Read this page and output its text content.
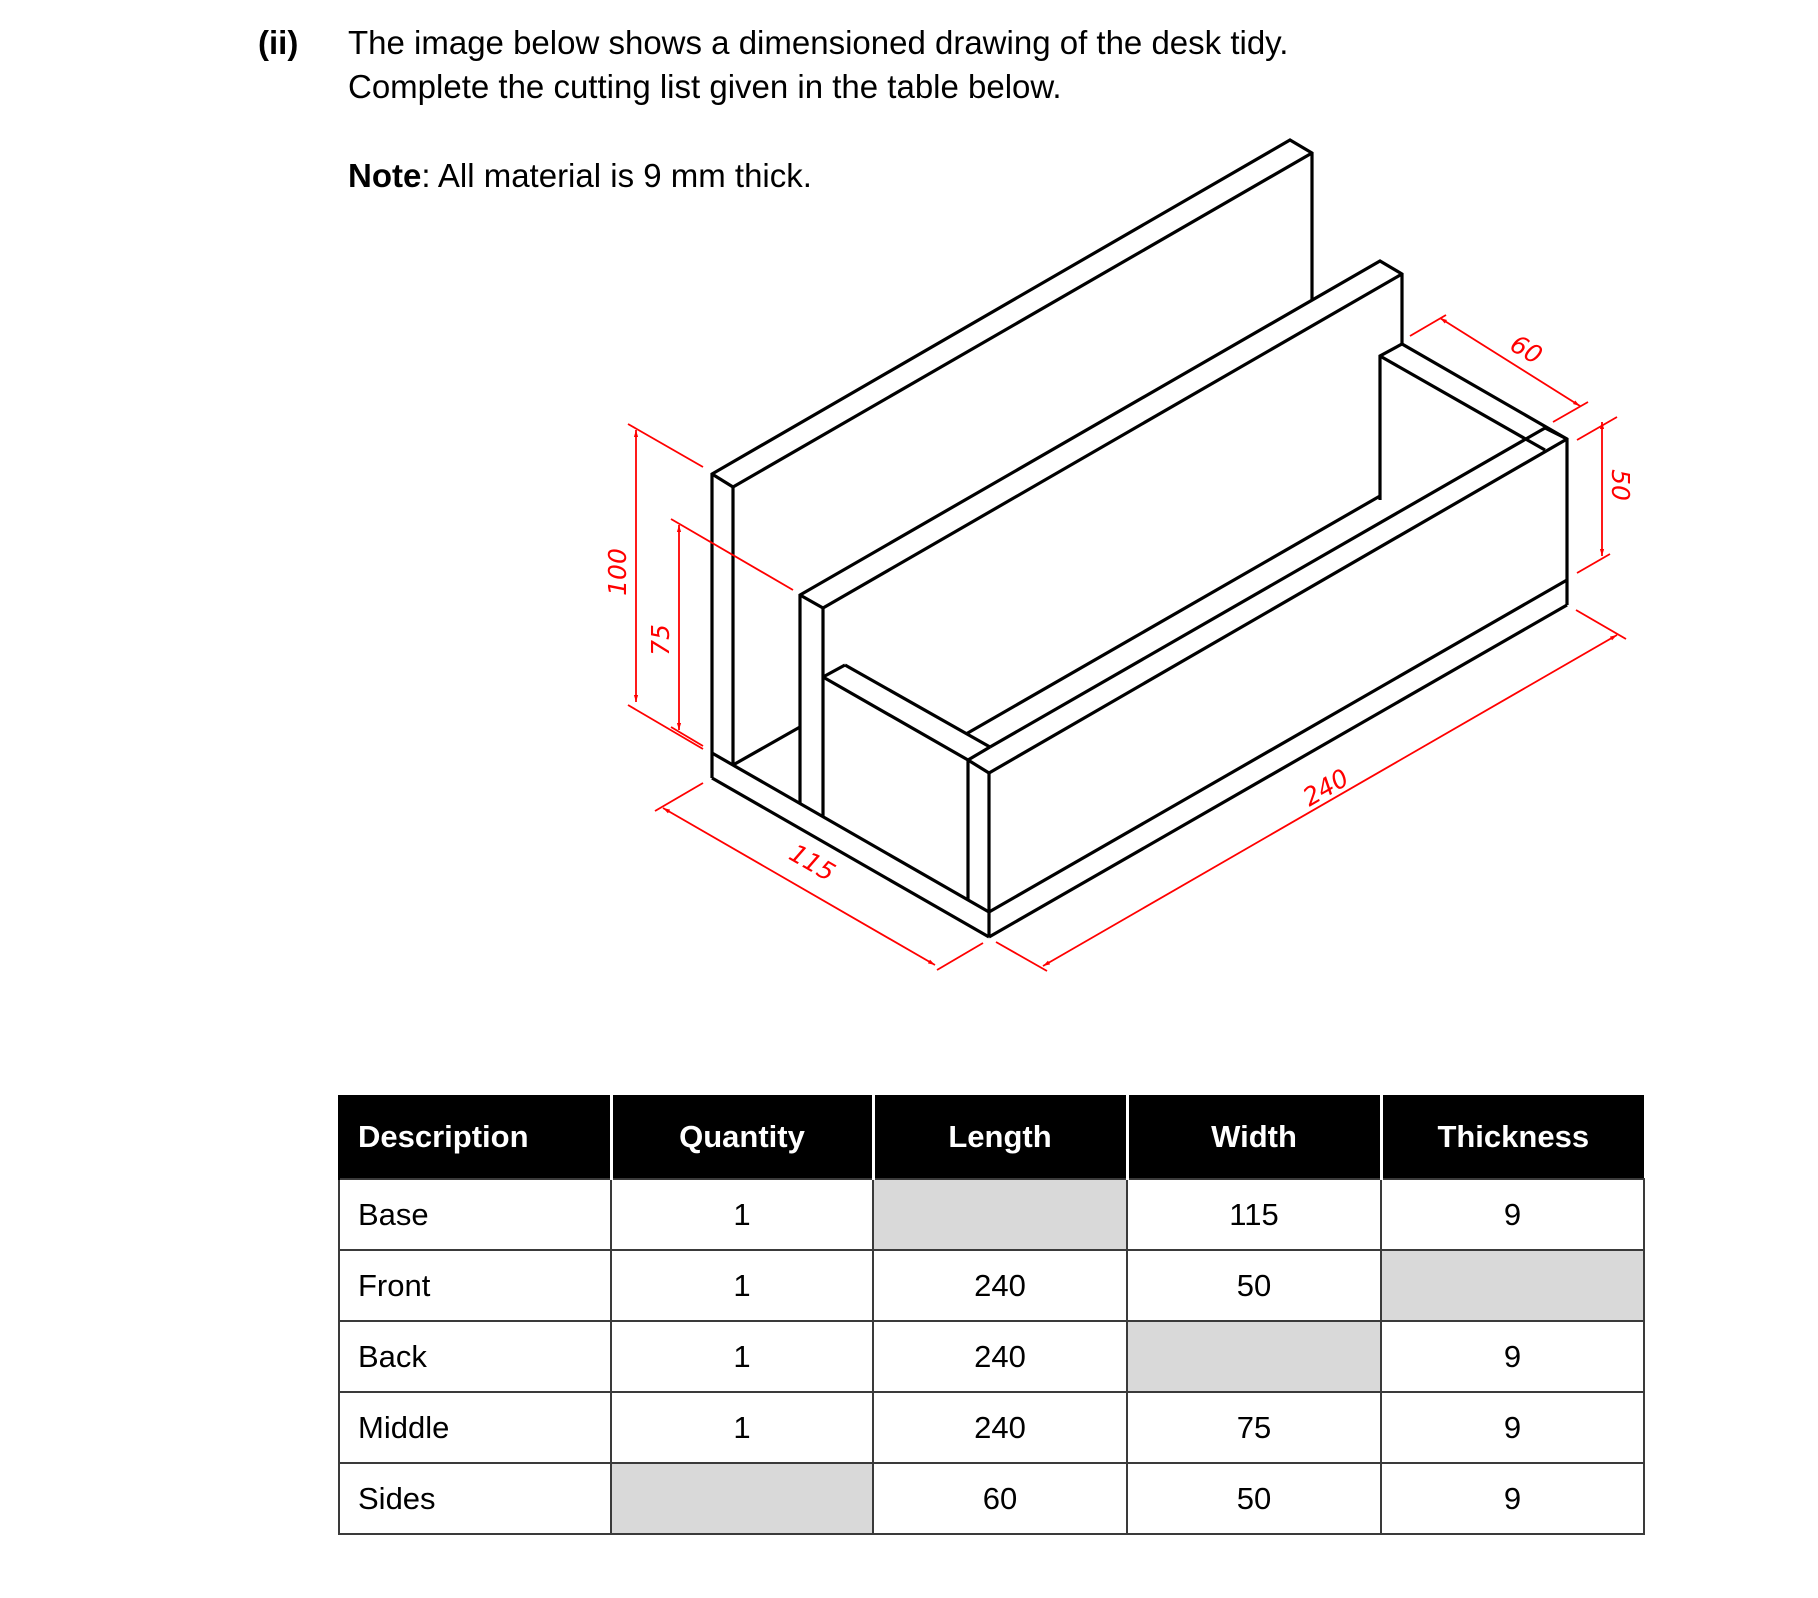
(ii) The image below shows a dimensioned drawing of the desk tidy.
Complete the cutting list given in the table below.
Note: All material is 9 mm thick.
100
75
115
240
60
50
Description	Quantity	Length	Width	Thickness
Base	1		115	9
Front	1	240	50	
Back	1	240		9
Middle	1	240	75	9
Sides		60	50	9
